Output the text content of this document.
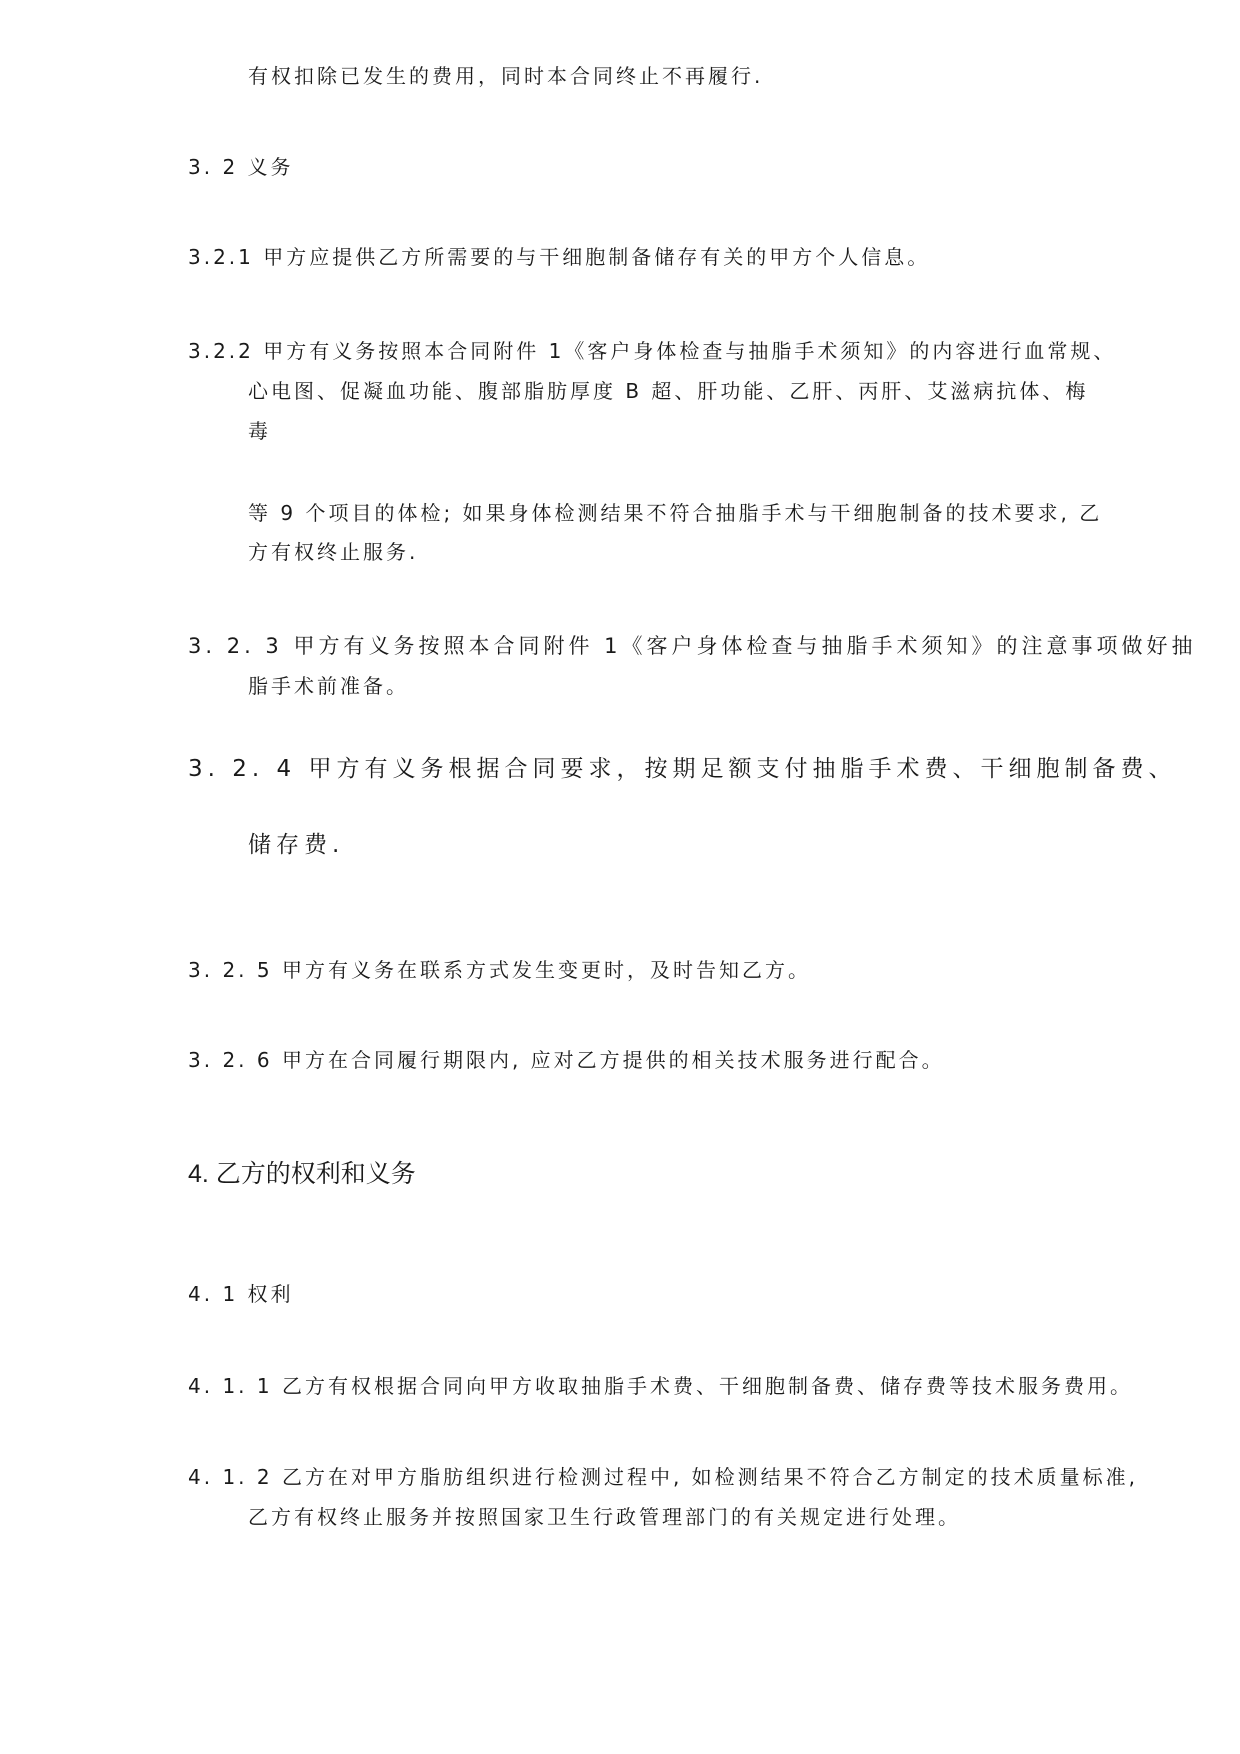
有权扣除已发生的费用，同时本合同终止不再履行.
3. 2 义务
3.2.1 甲方应提供乙方所需要的与干细胞制备储存有关的甲方个人信息。
3.2.2 甲方有义务按照本合同附件 1《客户身体检查与抽脂手术须知》的内容进行血常规、
心电图、促凝血功能、腹部脂肪厚度 B 超、肝功能、乙肝、丙肝、艾滋病抗体、梅
毒
等 9 个项目的体检; 如果身体检测结果不符合抽脂手术与干细胞制备的技术要求, 乙
方有权终止服务.
3. 2. 3 甲方有义务按照本合同附件 1《客户身体检查与抽脂手术须知》的注意事项做好抽
脂手术前准备。
3. 2. 4 甲方有义务根据合同要求，按期足额支付抽脂手术费、干细胞制备费、
储存费.
3. 2. 5 甲方有义务在联系方式发生变更时，及时告知乙方。
3. 2. 6 甲方在合同履行期限内, 应对乙方提供的相关技术服务进行配合。
4. 乙方的权利和义务
4. 1 权利
4. 1. 1 乙方有权根据合同向甲方收取抽脂手术费、干细胞制备费、储存费等技术服务费用。
4. 1. 2 乙方在对甲方脂肪组织进行检测过程中, 如检测结果不符合乙方制定的技术质量标准,
乙方有权终止服务并按照国家卫生行政管理部门的有关规定进行处理。
